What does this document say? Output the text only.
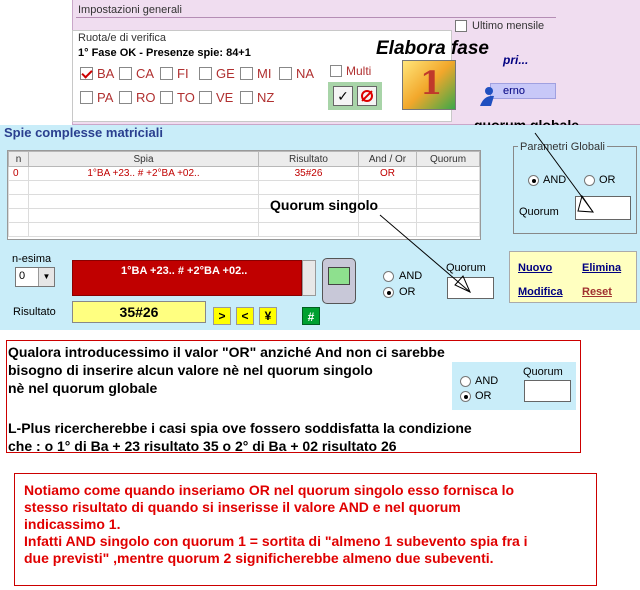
Impostazioni generali
Ultimo mensile
pri...
erno
Ruota/e di verifica
1° Fase OK - Presenze spie: 84+1
BA CA FI GE MI NA
PA RO TO VE NZ
Multi
✓
Elabora fase
1
Spie complesse matriciali
n	Spia	Risultato	And / Or	Quorum
0	1°BA +23.. # +2°BA +02..	35#26	OR	

Parametri Globali
AND	OR
Quorum
Quorum singolo
n-esima
0	▼	1°BA +23.. # +2°BA +02..	AND
OR
Quorum
Risultato	35#26	>	<	¥	#
Nuovo	Elimina
Modifica Reset
Qualora introducessimo il valor "OR" anziché And non ci sarebbe
bisogno di inserire alcun valore nè nel quorum singolo
nè nel quorum globale
L-Plus ricercherebbe i casi spia ove fossero soddisfatta la condizione
che : o 1° di Ba + 23 risultato 35 o 2° di Ba + 02 risultato 26
AND
OR
Quorum
Notiamo come quando inseriamo OR nel quorum singolo esso fornisca lo
stesso risultato di quando si inserisse il valore AND e nel quorum
indicassimo 1.
Infatti AND singolo con quorum 1 = sortita di "almeno 1 subevento spia fra i
due previsti" ,mentre quorum 2 significherebbe almeno due subeventi.
